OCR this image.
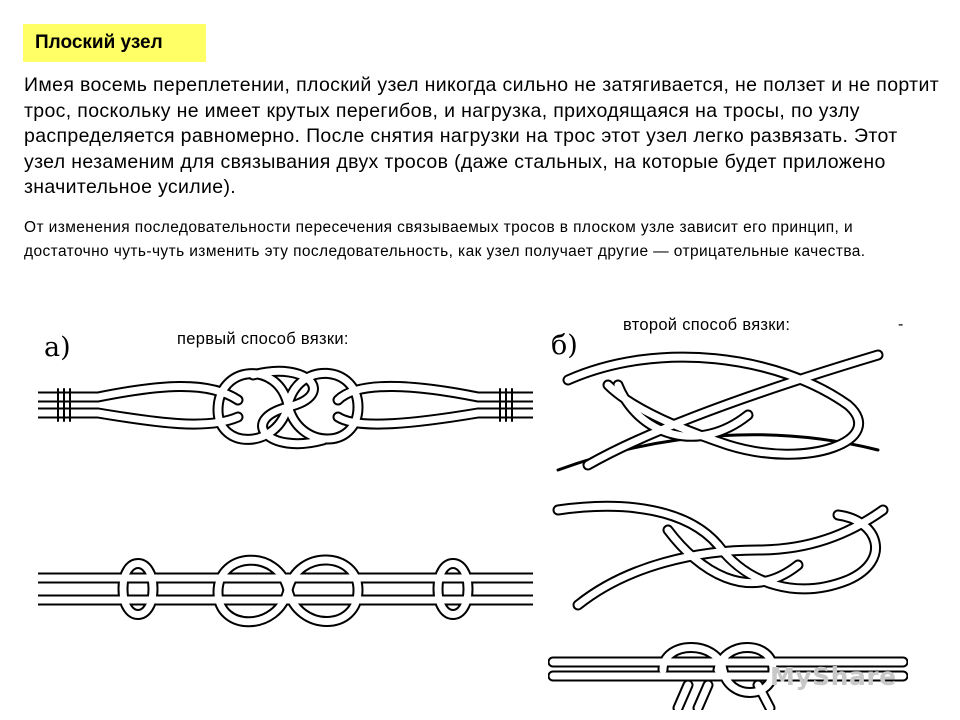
Плоский узел

Имея восемь переплетении, плоский узел никогда сильно не затягивается, не ползет и не портит трос, поскольку не имеет крутых перегибов, и нагрузка, приходящаяся на тросы, по узлу распределяется равномерно. После снятия нагрузки на трос этот узел легко развязать. Этот узел незаменим для связывания двух тросов (даже стальных, на которые будет приложено значительное усилие).

От изменения последовательности пересечения связываемых тросов в плоском узле зависит его принцип, и достаточно чуть-чуть изменить эту последовательность, как узел получает другие — отрицательные качества.

первый способ вязки:
второй способ вязки:	-
а)	б)
MyShare
